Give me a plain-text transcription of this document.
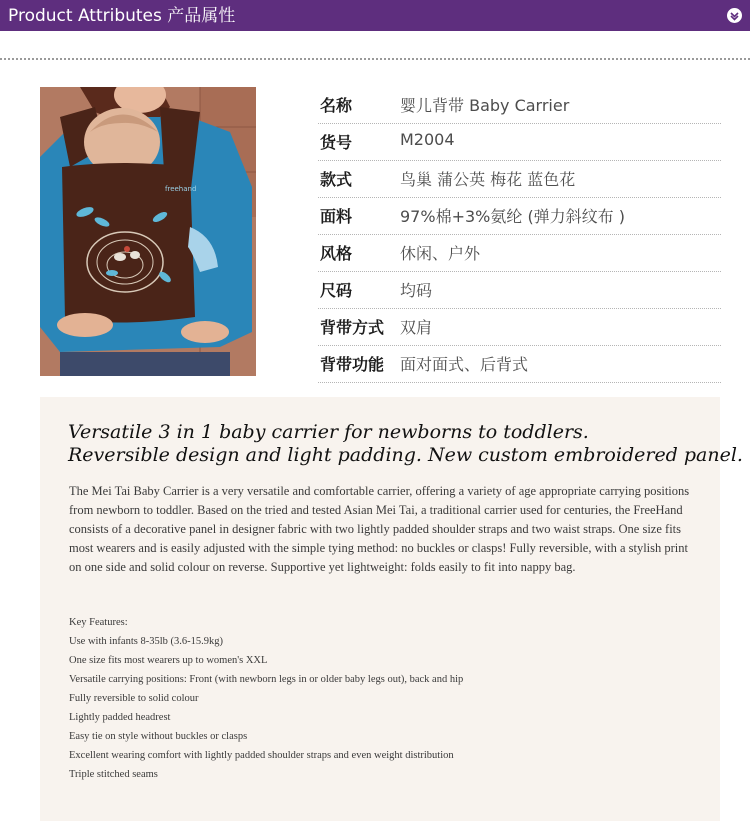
Product Attributes 产品属性
freehand
名称	婴儿背带 Baby Carrier
货号	M2004
款式	鸟巢 蒲公英 梅花 蓝色花
面料	97%棉+3%氨纶 (弹力斜纹布 )
风格	休闲、户外
尺码	均码
背带方式 双肩
背带功能 面对面式、后背式
Versatile 3 in 1 baby carrier for newborns to toddlers.
Reversible design and light padding. New custom embroidered panel.
The Mei Tai Baby Carrier is a very versatile and comfortable carrier, offering a variety of age appropriate carrying positions from newborn to toddler. Based on the tried and tested Asian Mei Tai, a traditional carrier used for centuries, the FreeHand consists of a decorative panel in designer fabric with two lightly padded shoulder straps and two waist straps. One size fits most wearers and is easily adjusted with the simple tying method: no buckles or clasps! Fully reversible, with a stylish print on one side and solid colour on reverse. Supportive yet lightweight: folds easily to fit into nappy bag.
Key Features:
Use with infants 8-35lb (3.6-15.9kg)
One size fits most wearers up to women's XXL
Versatile carrying positions: Front (with newborn legs in or older baby legs out), back and hip
Fully reversible to solid colour
Lightly padded headrest
Easy tie on style without buckles or clasps
Excellent wearing comfort with lightly padded shoulder straps and even weight distribution
Triple stitched seams
